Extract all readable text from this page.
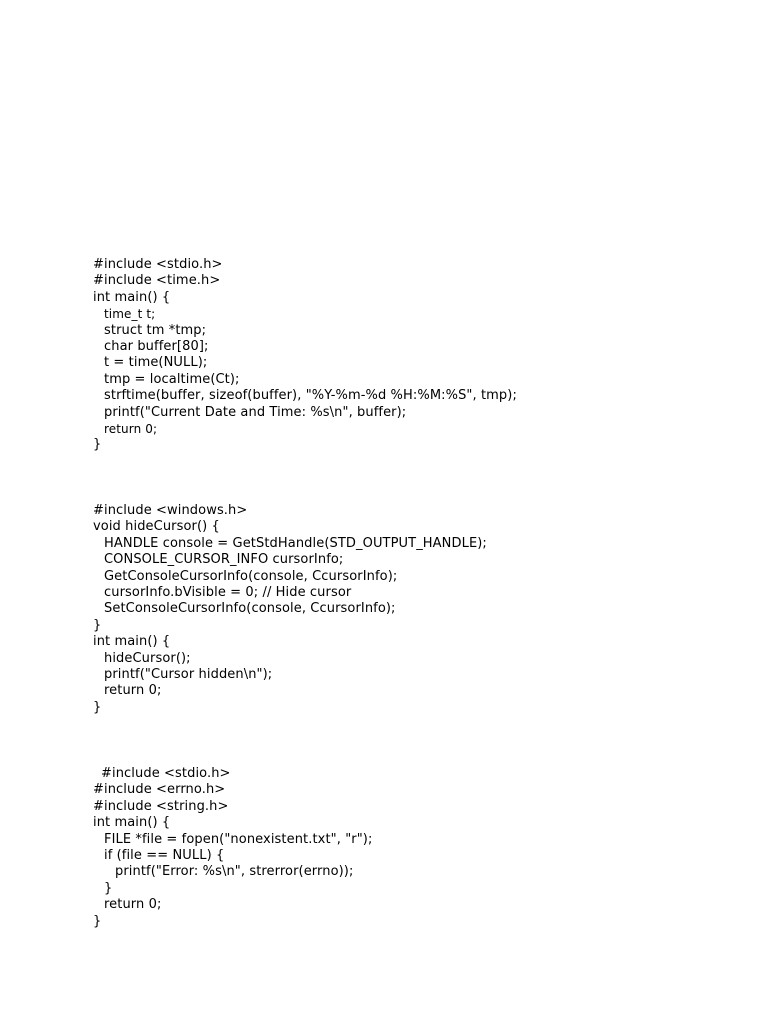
#include <stdio.h>
#include <time.h>
int main() {
time_t t;
struct tm *tmp;
char buffer[80];
t = time(NULL);
tmp = localtime(Ct);
strftime(buffer, sizeof(buffer), "%Y-%m-%d %H:%M:%S", tmp);
printf("Current Date and Time: %s\n", buffer);
return 0;
}
#include <windows.h>
void hideCursor() {
HANDLE console = GetStdHandle(STD_OUTPUT_HANDLE);
CONSOLE_CURSOR_INFO cursorInfo;
GetConsoleCursorInfo(console, CcursorInfo);
cursorInfo.bVisible = 0; // Hide cursor
SetConsoleCursorInfo(console, CcursorInfo);
}
int main() {
hideCursor();
printf("Cursor hidden\n");
return 0;
}
#include <stdio.h>
#include <errno.h>
#include <string.h>
int main() {
FILE *file = fopen("nonexistent.txt", "r");
if (file == NULL) {
printf("Error: %s\n", strerror(errno));
}
return 0;
}
